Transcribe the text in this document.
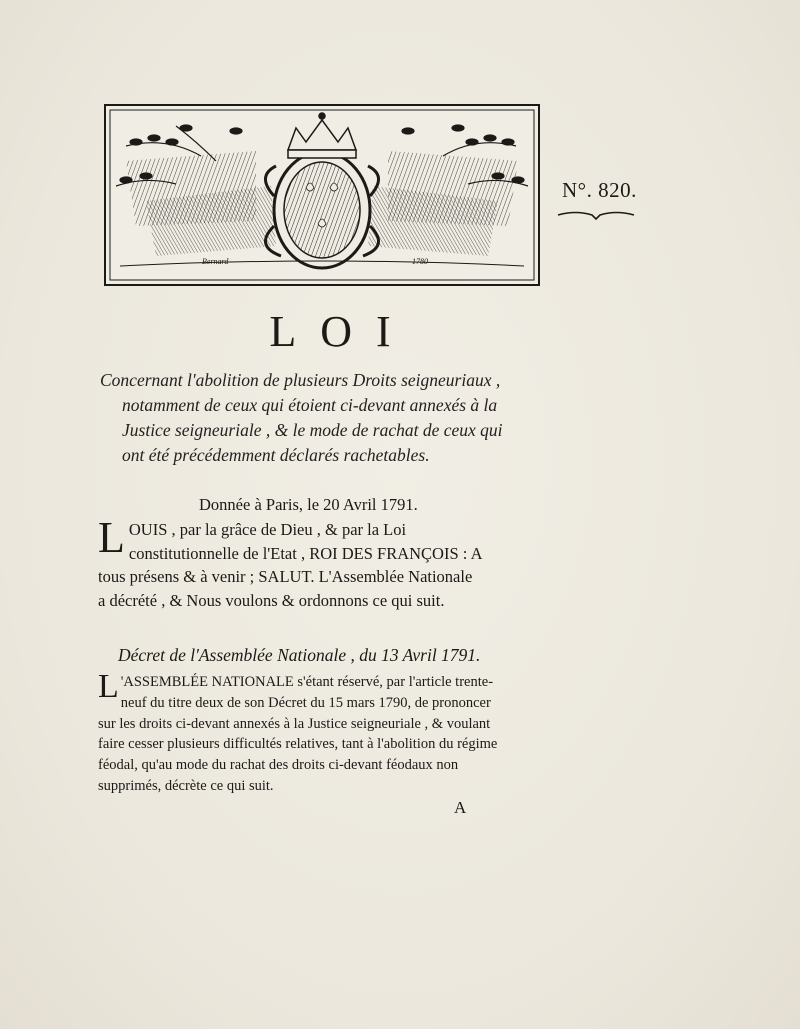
Bernard	1780
N°. 820.
LOI
Concernant l'abolition de plusieurs Droits seigneuriaux ,
notamment de ceux qui étoient ci-devant annexés à la
Justice seigneuriale , & le mode de rachat de ceux qui
ont été précédemment déclarés rachetables.
Donnée à Paris, le 20 Avril 1791.
L OUIS , par la grâce de Dieu , & par la Loi
constitutionnelle de l'Etat , ROI DES FRANÇOIS : A
tous présens & à venir ; SALUT. L'Assemblée Nationale
a décrété , & Nous voulons & ordonnons ce qui suit.
Décret de l'Assemblée Nationale , du 13 Avril 1791.
L 'ASSEMBLÉE NATIONALE s'étant réservé, par l'article trente-
neuf du titre deux de son Décret du 15 mars 1790, de prononcer
sur les droits ci-devant annexés à la Justice seigneuriale , & voulant
faire cesser plusieurs difficultés relatives, tant à l'abolition du régime
féodal, qu'au mode du rachat des droits ci-devant féodaux non
supprimés, décrète ce qui suit.
A
